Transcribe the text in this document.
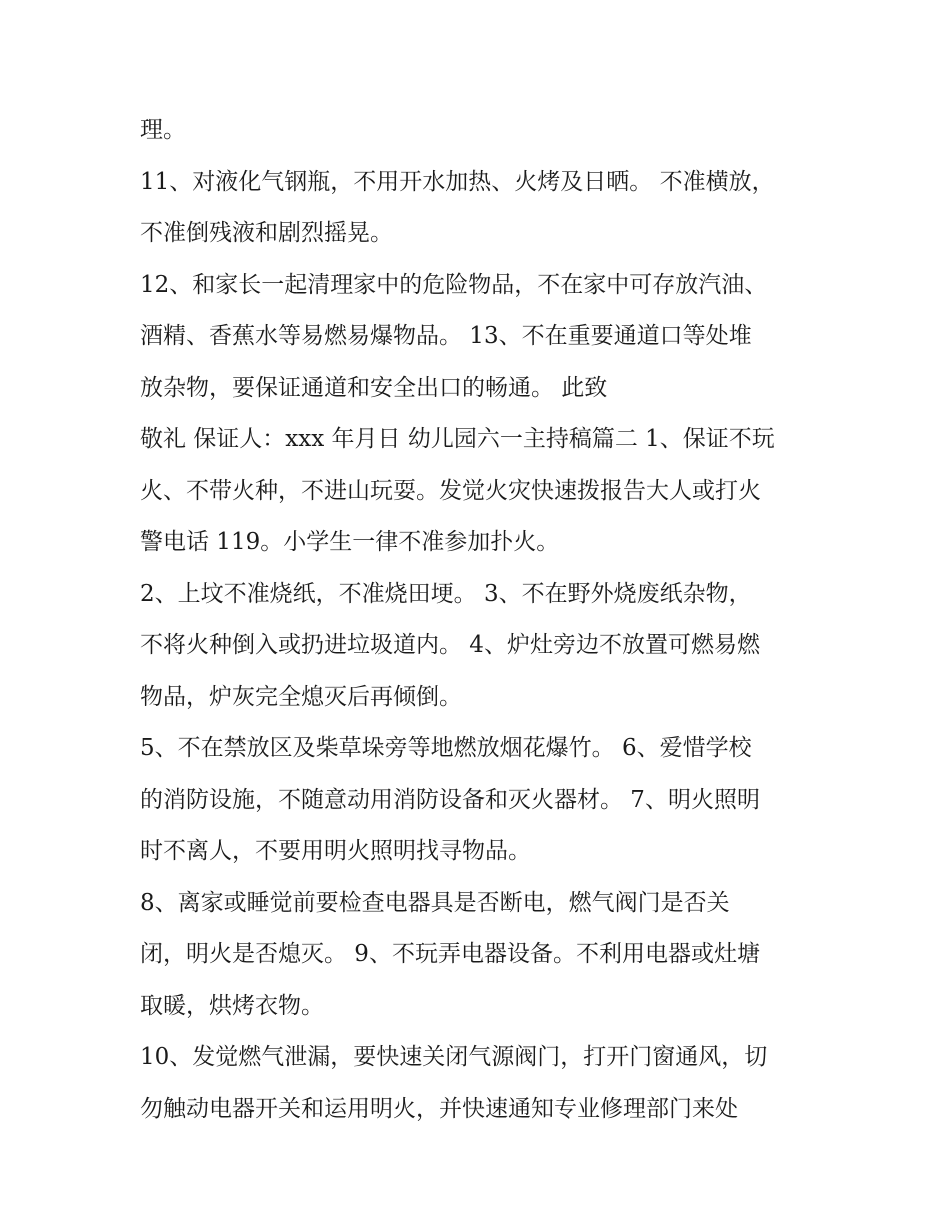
理。
11、对液化气钢瓶，不用开水加热、火烤及日晒。 不准横放，
不准倒残液和剧烈摇晃。
12、和家长一起清理家中的危险物品，不在家中可存放汽油、
酒精、香蕉水等易燃易爆物品。 13、不在重要通道口等处堆
放杂物，要保证通道和安全出口的畅通。 此致
敬礼 保证人：xxx 年月日 幼儿园六一主持稿篇二 1、保证不玩
火、不带火种，不进山玩耍。发觉火灾快速拨报告大人或打火
警电话 119。小学生一律不准参加扑火。
2、上坟不准烧纸，不准烧田埂。 3、不在野外烧废纸杂物，
不将火种倒入或扔进垃圾道内。 4、炉灶旁边不放置可燃易燃
物品，炉灰完全熄灭后再倾倒。
5、不在禁放区及柴草垛旁等地燃放烟花爆竹。 6、爱惜学校
的消防设施，不随意动用消防设备和灭火器材。 7、明火照明
时不离人，不要用明火照明找寻物品。
8、离家或睡觉前要检查电器具是否断电，燃气阀门是否关
闭，明火是否熄灭。 9、不玩弄电器设备。不利用电器或灶塘
取暖，烘烤衣物。
10、发觉燃气泄漏，要快速关闭气源阀门，打开门窗通风，切
勿触动电器开关和运用明火，并快速通知专业修理部门来处
